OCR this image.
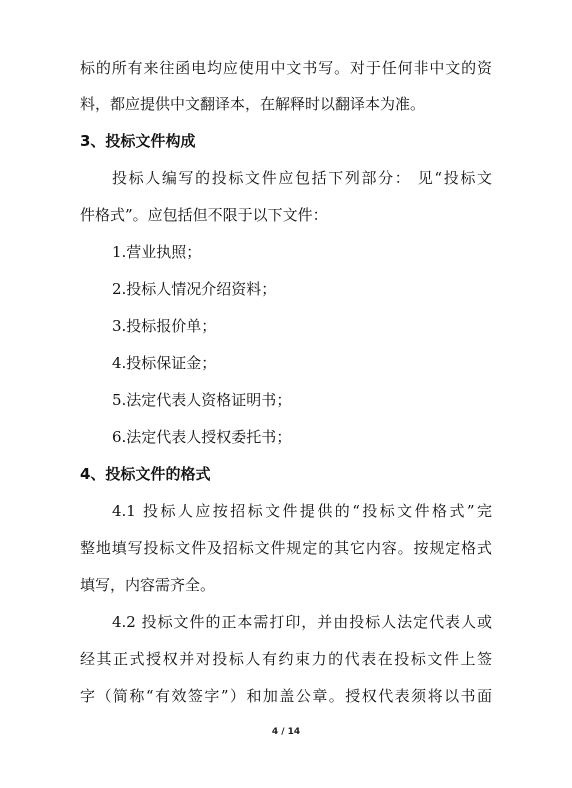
标的所有来往函电均应使用中文书写。对于任何非中文的资
料，都应提供中文翻译本，在解释时以翻译本为准。
3、投标文件构成
投标人编写的投标文件应包括下列部分： 见“投标文
件格式”。应包括但不限于以下文件：
1.营业执照；
2.投标人情况介绍资料；
3.投标报价单；
4.投标保证金；
5.法定代表人资格证明书；
6.法定代表人授权委托书；
4、投标文件的格式
4.1 投标人应按招标文件提供的“投标文件格式”完
整地填写投标文件及招标文件规定的其它内容。按规定格式
填写，内容需齐全。
4.2 投标文件的正本需打印，并由投标人法定代表人或
经其正式授权并对投标人有约束力的代表在投标文件上签
字（简称“有效签字”）和加盖公章。授权代表须将以书面
4 / 14
